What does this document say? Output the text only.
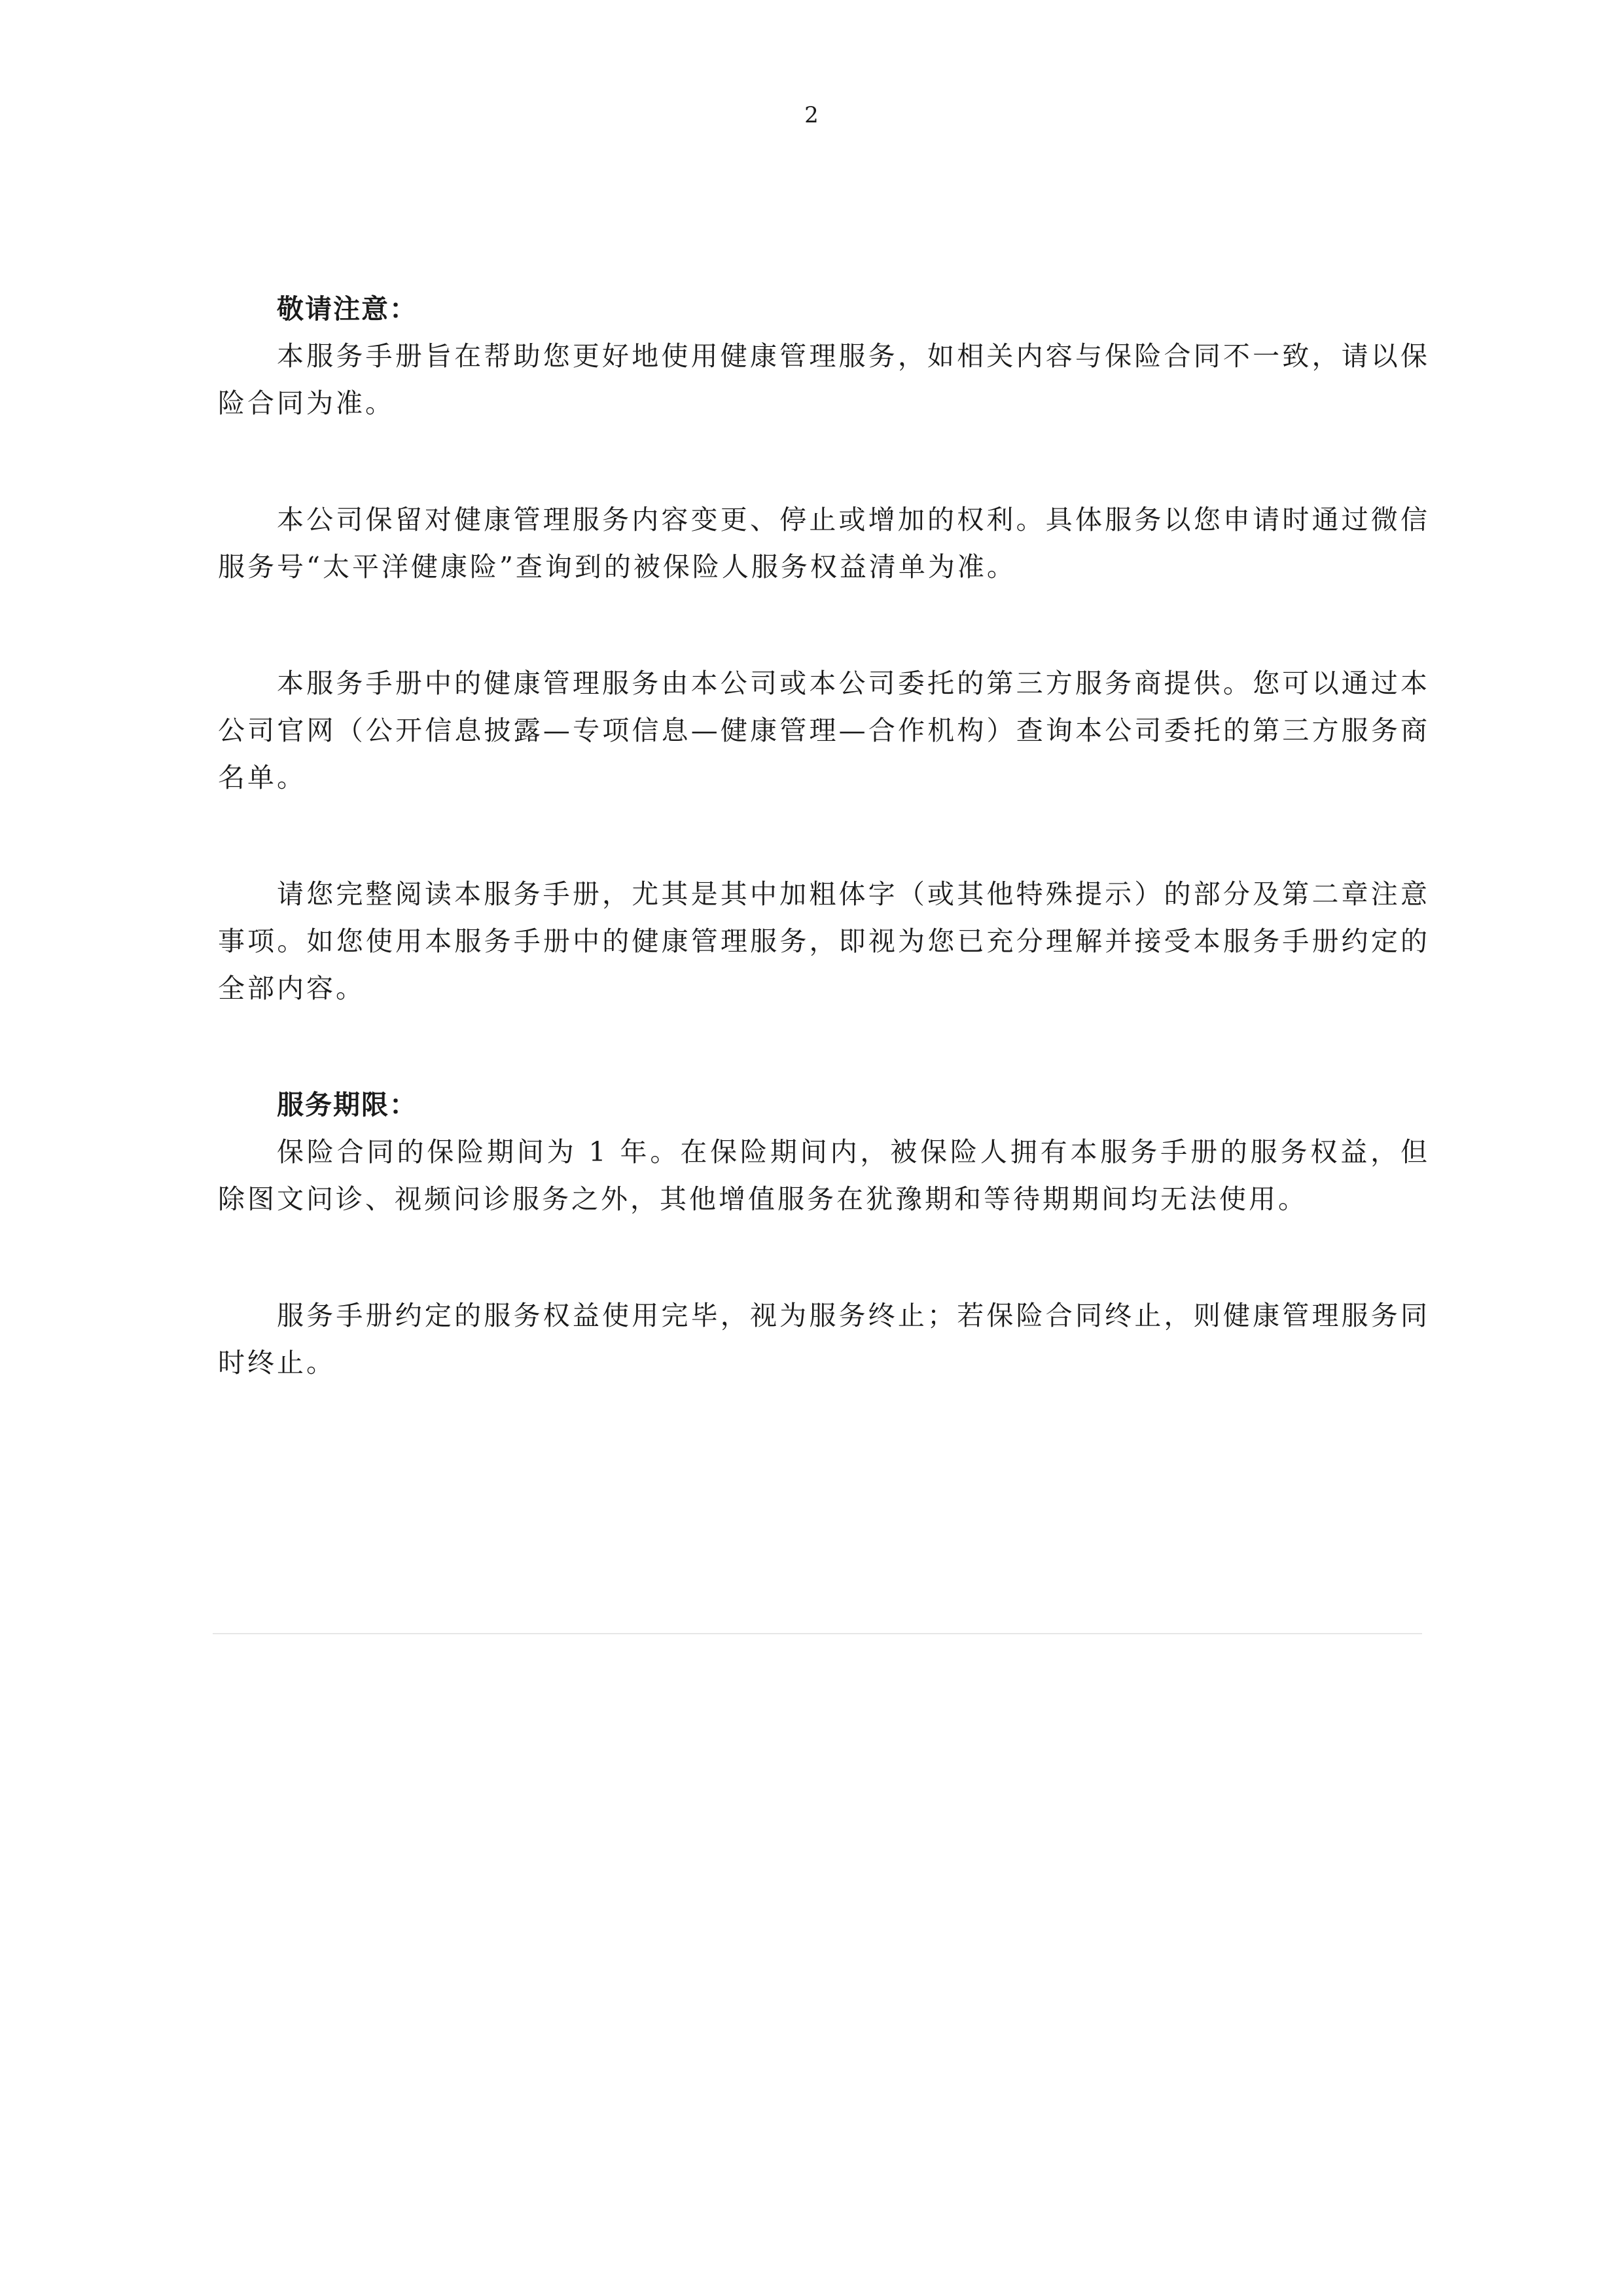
2
敬请注意：

本服务手册旨在帮助您更好地使用健康管理服务，如相关内容与保险合同不一致，请以保险合同为准。

本公司保留对健康管理服务内容变更、停止或增加的权利。具体服务以您申请时通过微信服务号“太平洋健康险”查询到的被保险人服务权益清单为准。

本服务手册中的健康管理服务由本公司或本公司委托的第三方服务商提供。您可以通过本公司官网（公开信息披露—专项信息—健康管理—合作机构）查询本公司委托的第三方服务商名单。

请您完整阅读本服务手册，尤其是其中加粗体字（或其他特殊提示）的部分及第二章注意事项。如您使用本服务手册中的健康管理服务，即视为您已充分理解并接受本服务手册约定的全部内容。

服务期限：

保险合同的保险期间为 1 年。在保险期间内，被保险人拥有本服务手册的服务权益，但除图文问诊、视频问诊服务之外，其他增值服务在犹豫期和等待期期间均无法使用。

服务手册约定的服务权益使用完毕，视为服务终止；若保险合同终止，则健康管理服务同时终止。
